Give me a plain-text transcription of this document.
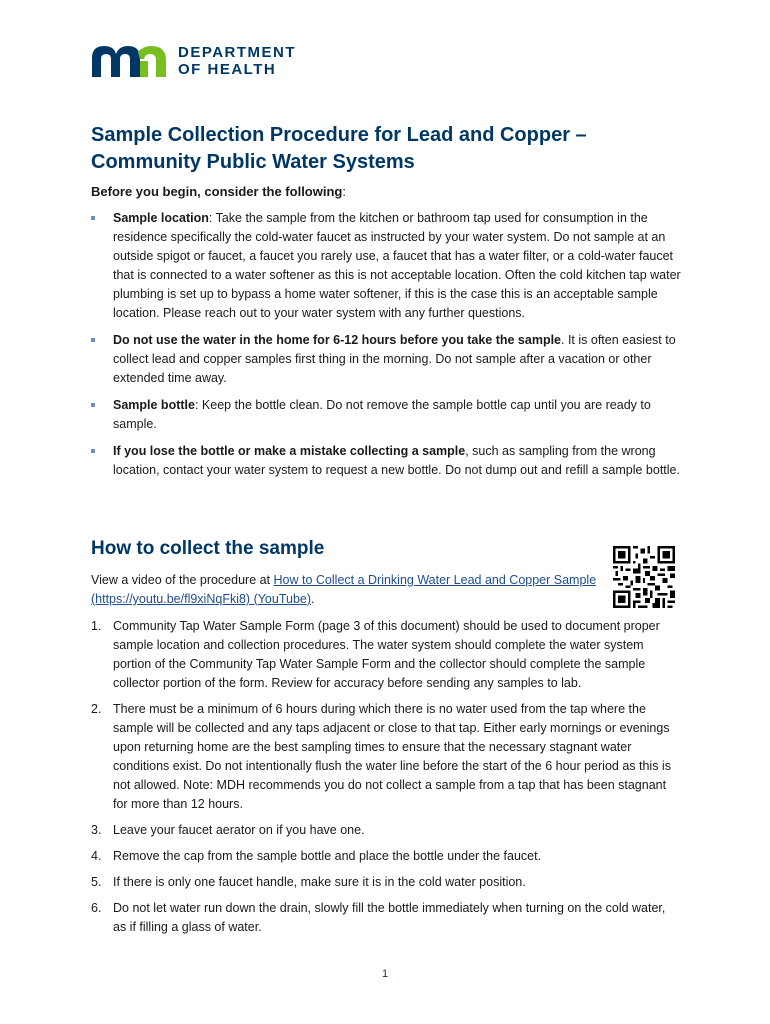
DEPARTMENT
OF HEALTH
Sample Collection Procedure for Lead and Copper – Community Public Water Systems

Before you begin, consider the following:

Sample location: Take the sample from the kitchen or bathroom tap used for consumption in the residence specifically the cold-water faucet as instructed by your water system. Do not sample at an outside spigot or faucet, a faucet you rarely use, a faucet that has a water filter, or a cold-water faucet that is connected to a water softener as this is not acceptable location. Often the cold kitchen tap water plumbing is set up to bypass a home water softener, if this is the case this is an acceptable sample location. Please reach out to your water system with any further questions.
Do not use the water in the home for 6-12 hours before you take the sample. It is often easiest to collect lead and copper samples first thing in the morning. Do not sample after a vacation or other extended time away.
Sample bottle: Keep the bottle clean. Do not remove the sample bottle cap until you are ready to sample.
If you lose the bottle or make a mistake collecting a sample, such as sampling from the wrong location, contact your water system to request a new bottle. Do not dump out and refill a sample bottle.
How to collect the sample

View a video of the procedure at How to Collect a Drinking Water Lead and Copper Sample (https://youtu.be/fl9xiNqFki8) (YouTube).

1. Community Tap Water Sample Form (page 3 of this document) should be used to document proper sample location and collection procedures. The water system should complete the water system portion of the Community Tap Water Sample Form and the collector should complete the sample collector portion of the form. Review for accuracy before sending any samples to lab.
2. There must be a minimum of 6 hours during which there is no water used from the tap where the sample will be collected and any taps adjacent or close to that tap. Either early mornings or evenings upon returning home are the best sampling times to ensure that the necessary stagnant water conditions exist. Do not intentionally flush the water line before the start of the 6 hour period as this is not allowed. Note: MDH recommends you do not collect a sample from a tap that has been stagnant for more than 12 hours.
3. Leave your faucet aerator on if you have one.
4. Remove the cap from the sample bottle and place the bottle under the faucet.
5. If there is only one faucet handle, make sure it is in the cold water position.
6. Do not let water run down the drain, slowly fill the bottle immediately when turning on the cold water, as if filling a glass of water.
1
